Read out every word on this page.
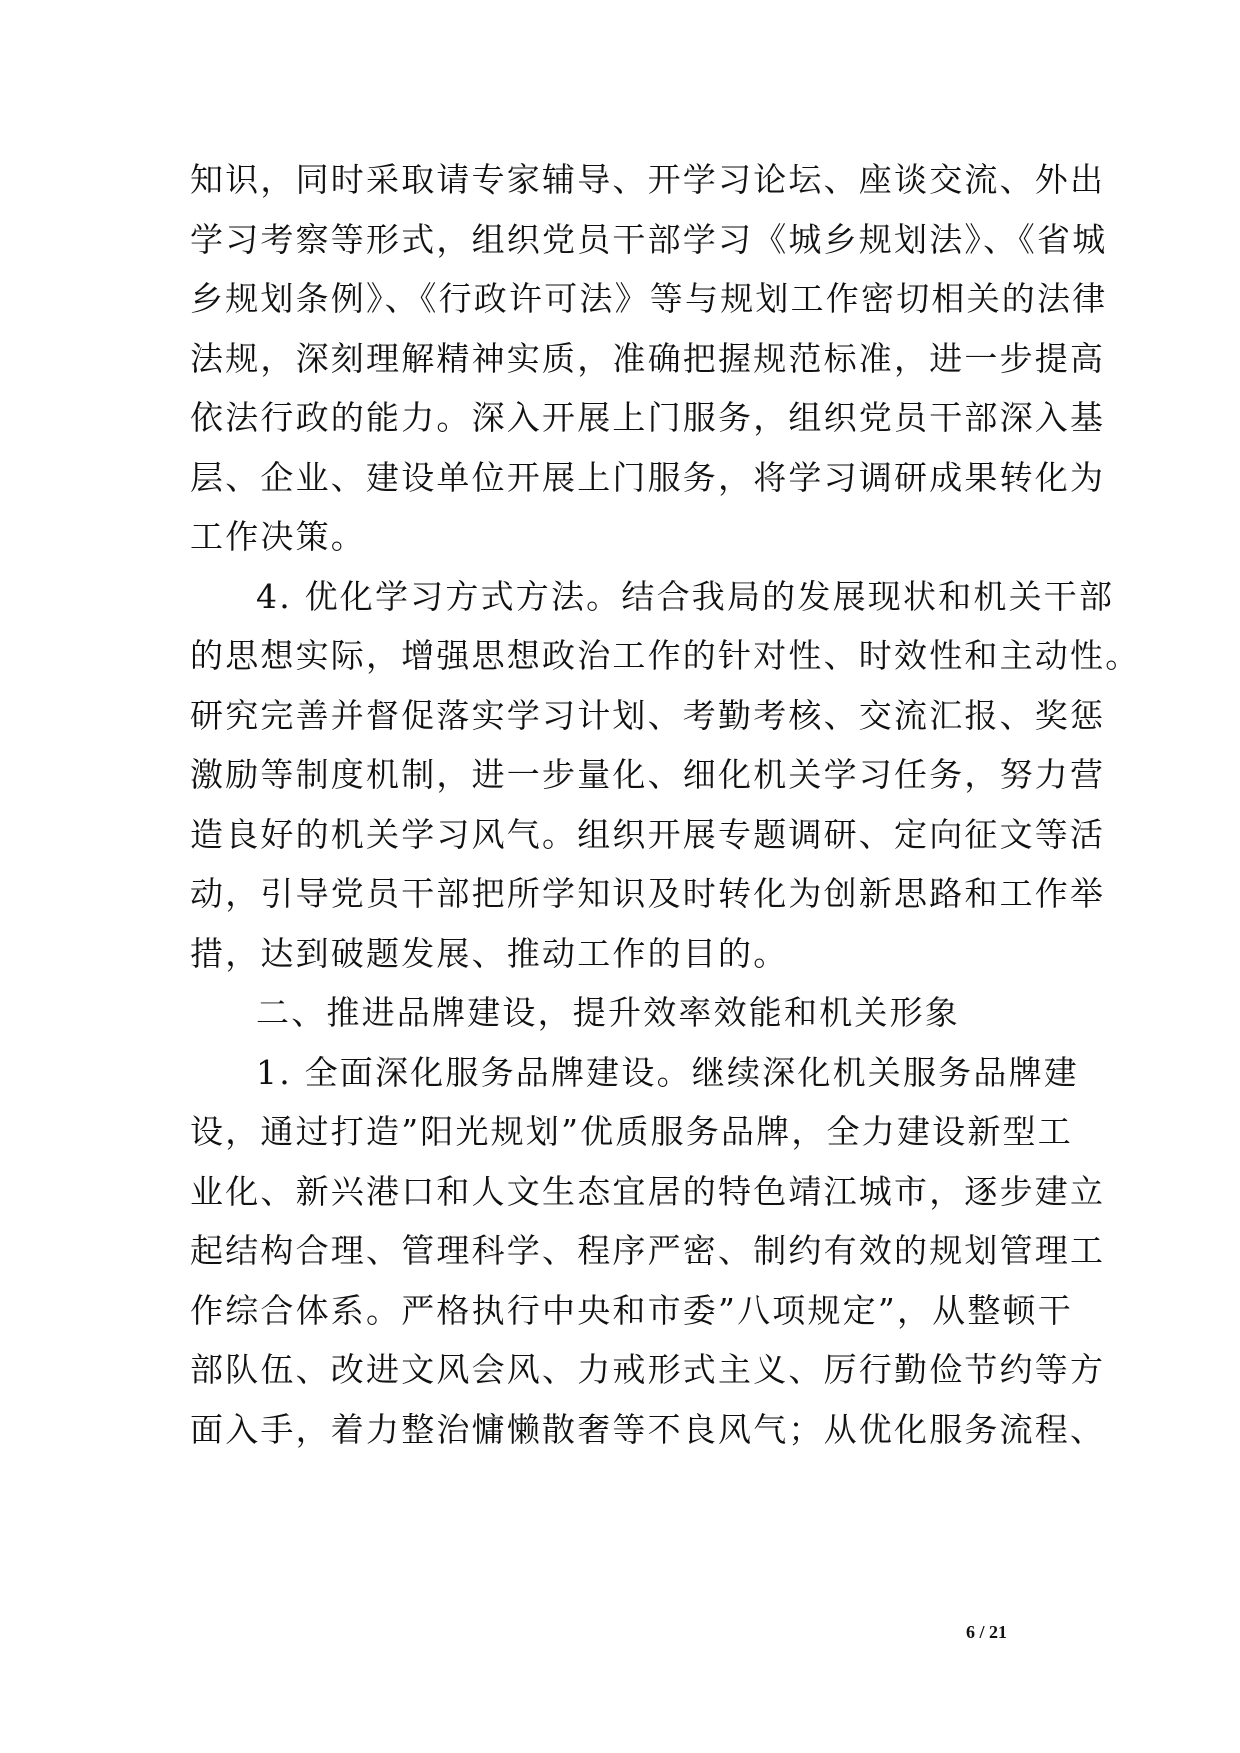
知识，同时采取请专家辅导、开学习论坛、座谈交流、外出
学习考察等形式，组织党员干部学习《城乡规划法》、《省城
乡规划条例》、《行政许可法》等与规划工作密切相关的法律
法规，深刻理解精神实质，准确把握规范标准，进一步提高
依法行政的能力。深入开展上门服务，组织党员干部深入基
层、企业、建设单位开展上门服务，将学习调研成果转化为
工作决策。
4. 优化学习方式方法。结合我局的发展现状和机关干部
的思想实际，增强思想政治工作的针对性、时效性和主动性。
研究完善并督促落实学习计划、考勤考核、交流汇报、奖惩
激励等制度机制，进一步量化、细化机关学习任务，努力营
造良好的机关学习风气。组织开展专题调研、定向征文等活
动，引导党员干部把所学知识及时转化为创新思路和工作举
措，达到破题发展、推动工作的目的。
二、推进品牌建设，提升效率效能和机关形象
1. 全面深化服务品牌建设。继续深化机关服务品牌建
设，通过打造”阳光规划”优质服务品牌，全力建设新型工
业化、新兴港口和人文生态宜居的特色靖江城市，逐步建立
起结构合理、管理科学、程序严密、制约有效的规划管理工
作综合体系。严格执行中央和市委”八项规定”，从整顿干
部队伍、改进文风会风、力戒形式主义、厉行勤俭节约等方
面入手，着力整治慵懒散奢等不良风气；从优化服务流程、
6 / 21
